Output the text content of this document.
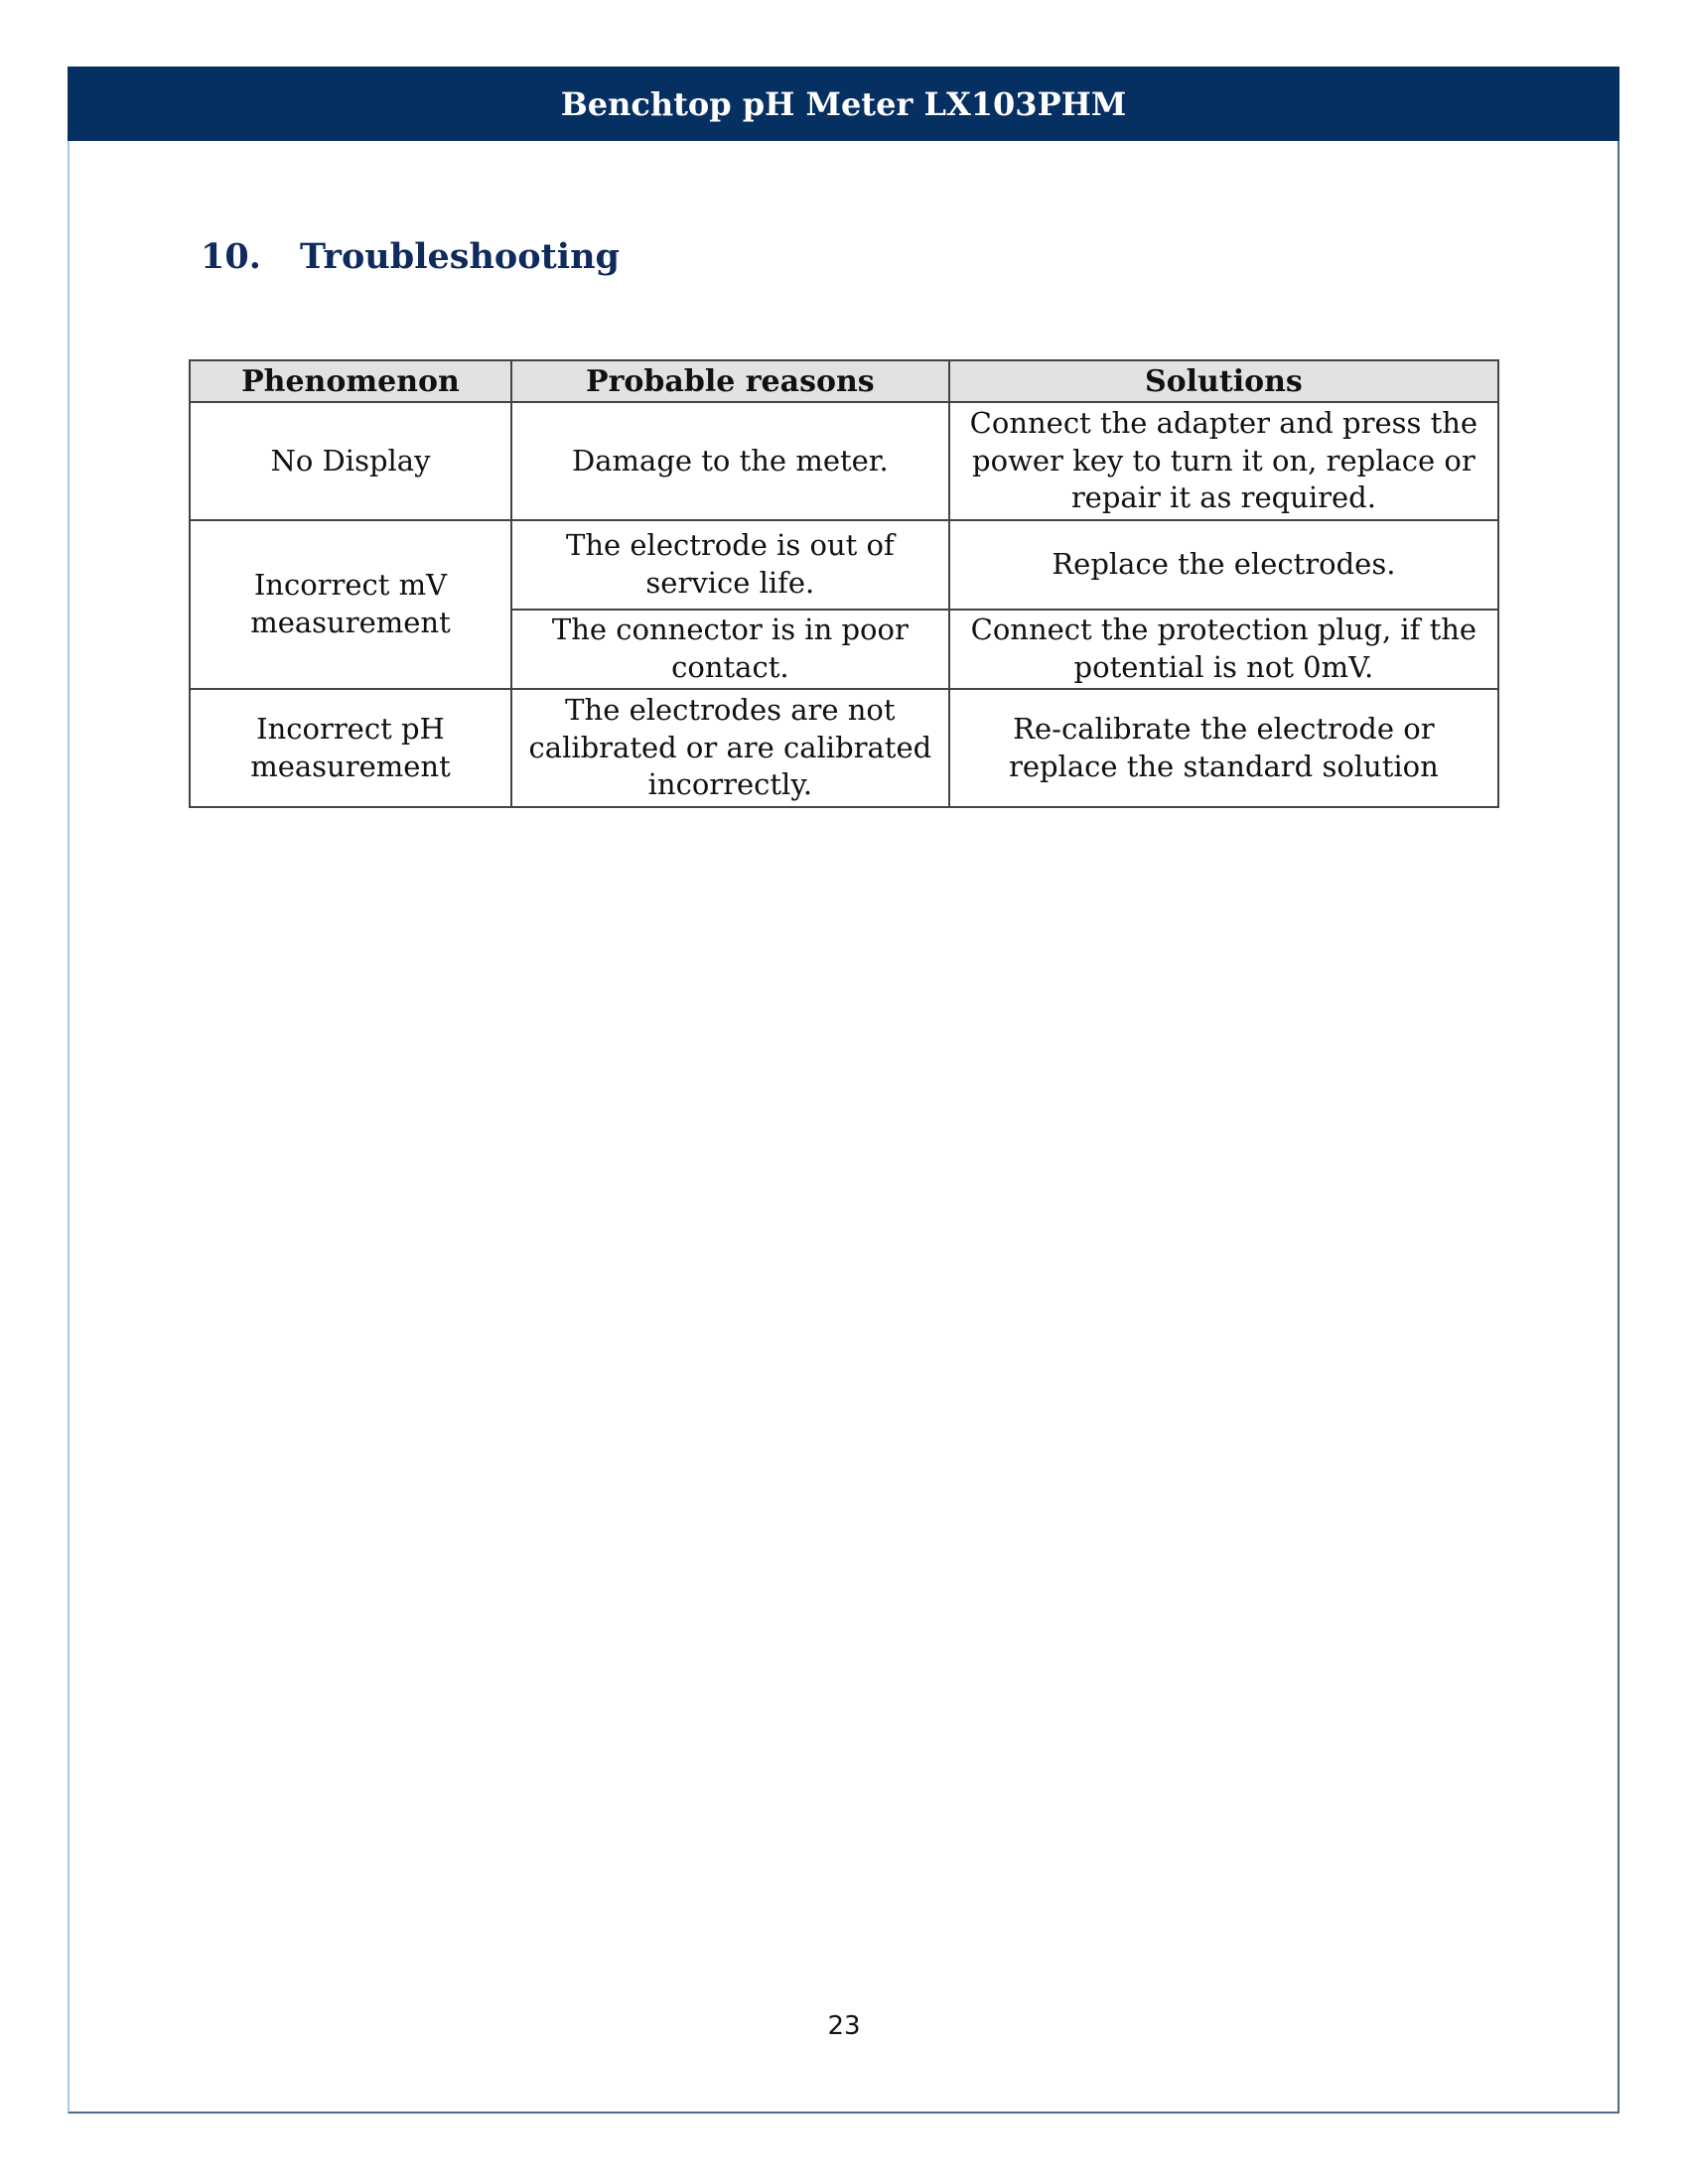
Benchtop pH Meter LX103PHM
10.	Troubleshooting
Phenomenon	Probable reasons	Solutions
No Display	Damage to the meter.	Connect the adapter and press the power key to turn it on, replace or repair it as required.
Incorrect mV measurement	The electrode is out of service life.	Replace the electrodes.
	The connector is in poor contact.	Connect the protection plug, if the potential is not 0mV.
Incorrect pH measurement	The electrodes are not calibrated or are calibrated incorrectly.	Re-calibrate the electrode or replace the standard solution
23
